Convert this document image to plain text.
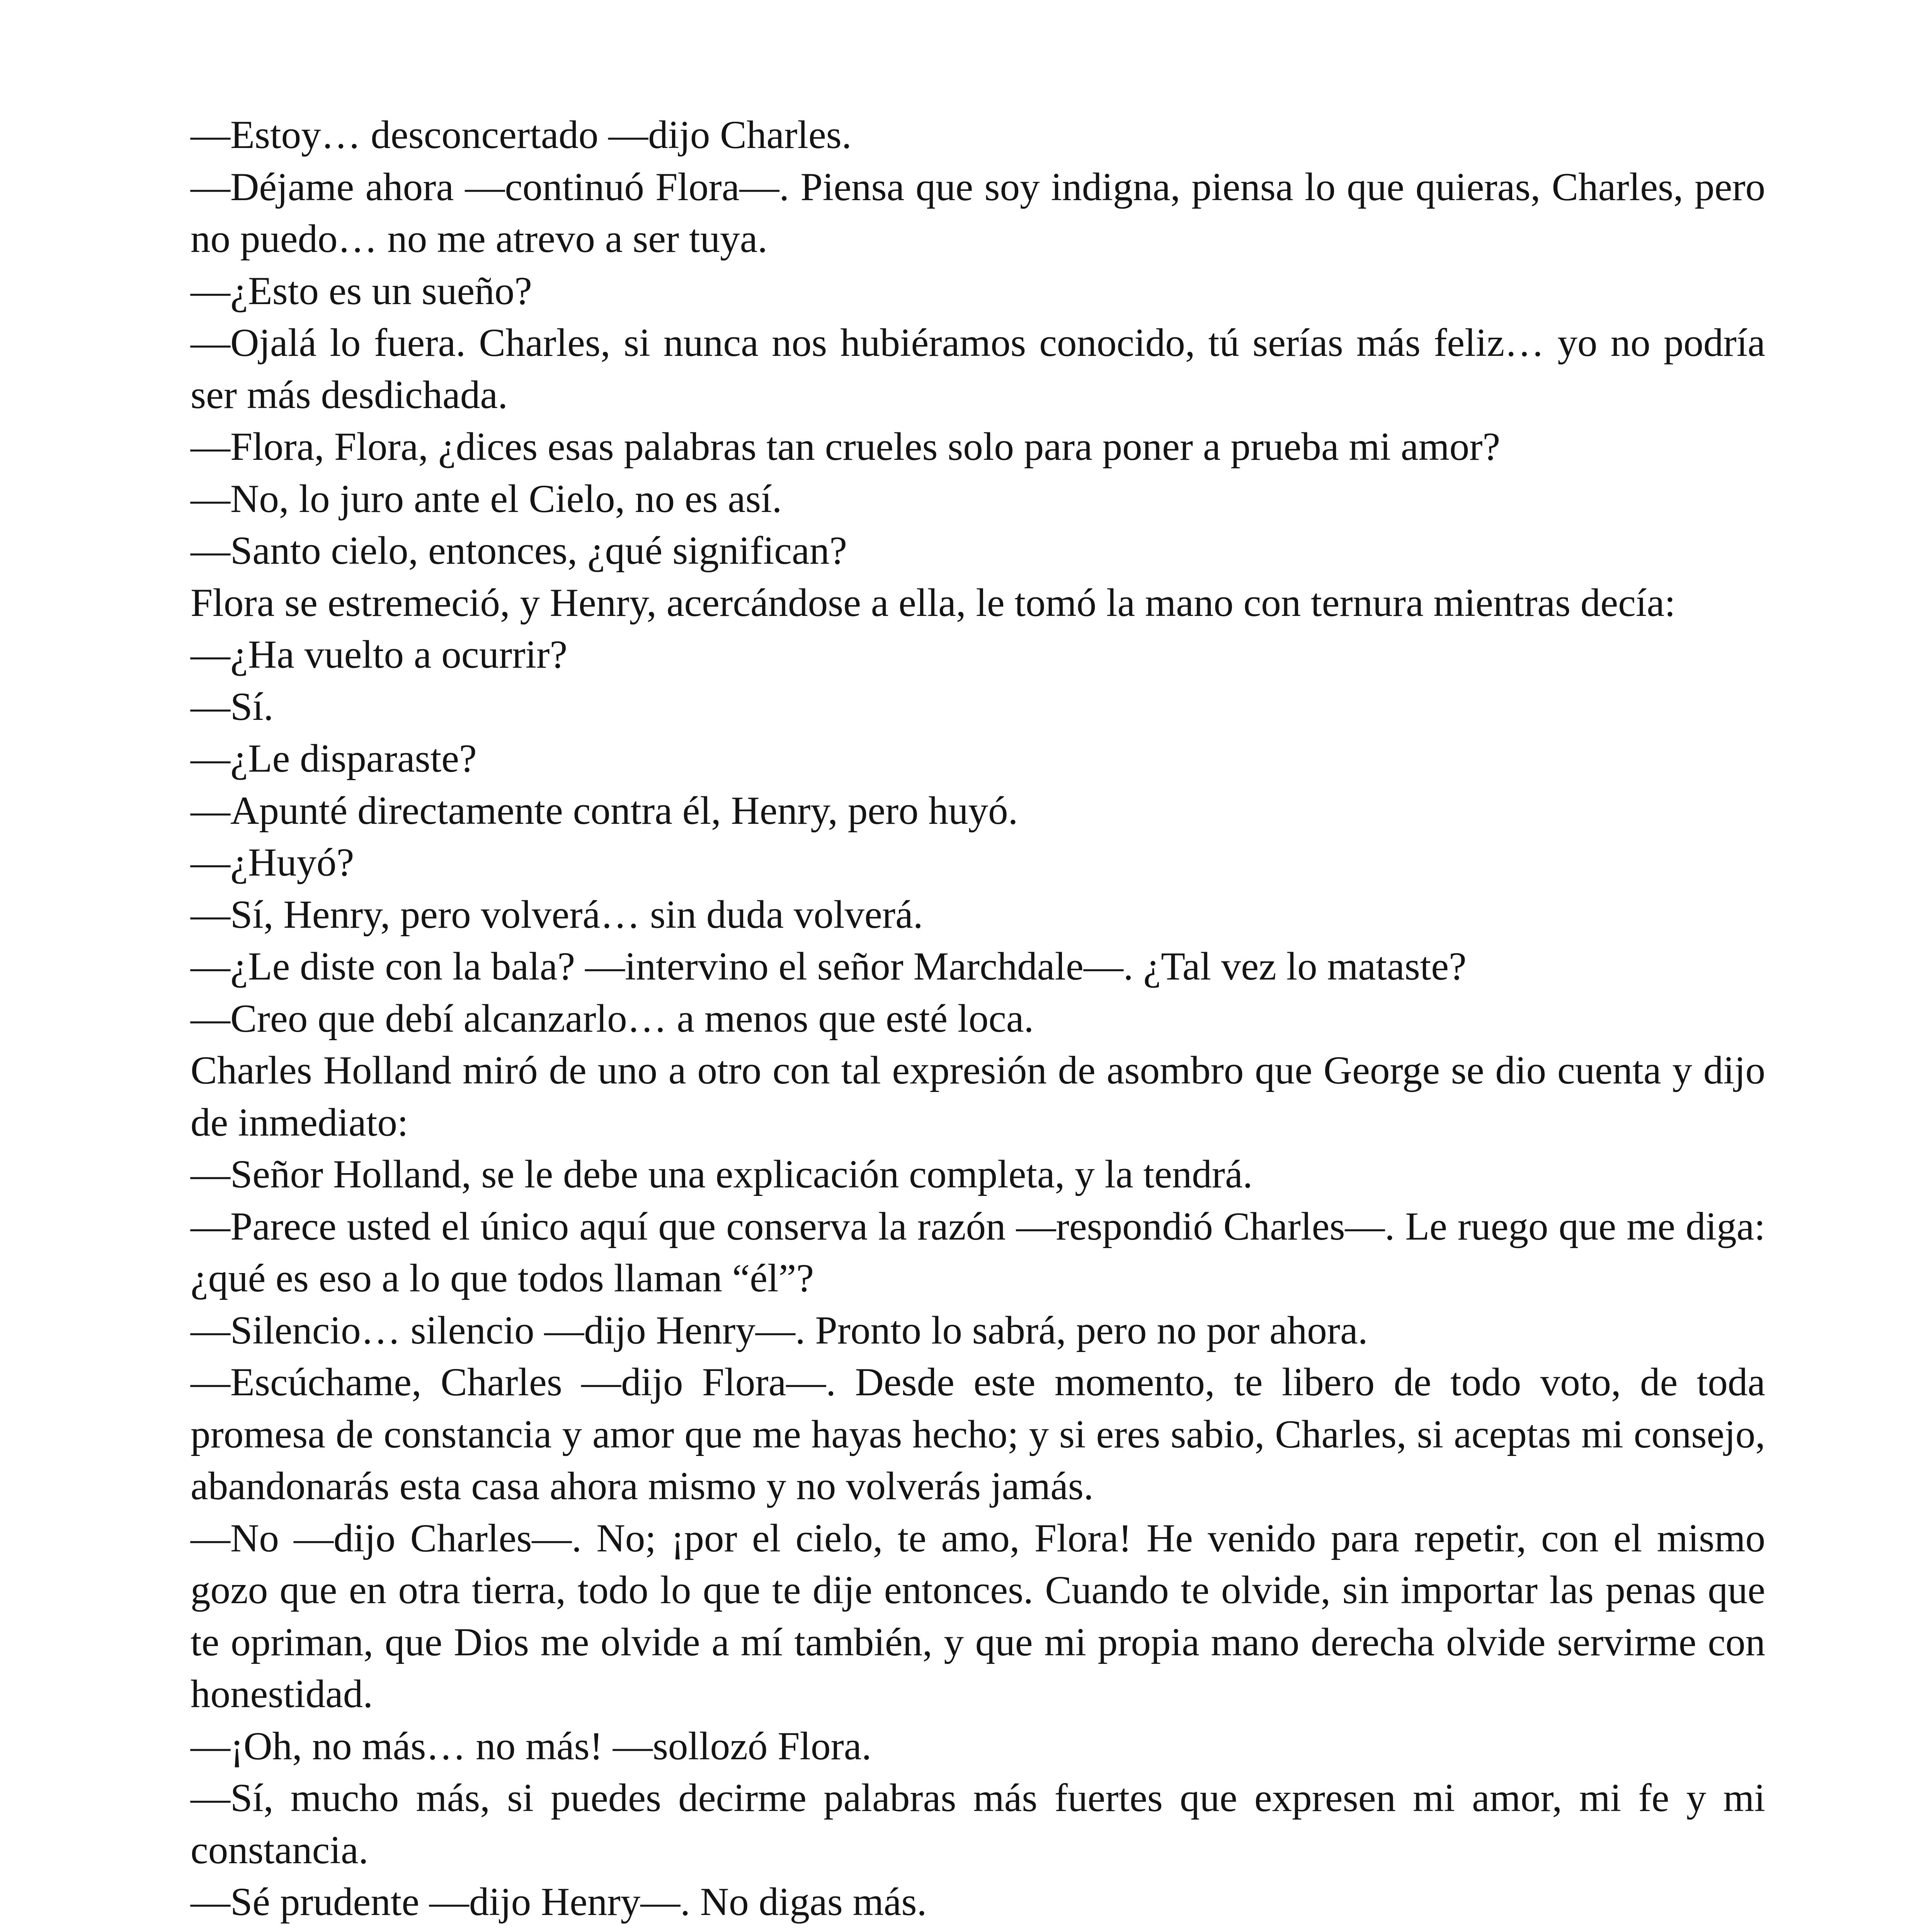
—Estoy… desconcertado —dijo Charles.

—Déjame ahora —continuó Flora—. Piensa que soy indigna, piensa lo que quieras, Charles, pero no puedo… no me atrevo a ser tuya.

—¿Esto es un sueño?

—Ojalá lo fuera. Charles, si nunca nos hubiéramos conocido, tú serías más feliz… yo no podría ser más desdichada.

—Flora, Flora, ¿dices esas palabras tan crueles solo para poner a prueba mi amor?

—No, lo juro ante el Cielo, no es así.

—Santo cielo, entonces, ¿qué significan?

Flora se estremeció, y Henry, acercándose a ella, le tomó la mano con ternura mientras decía:

—¿Ha vuelto a ocurrir?

—Sí.

—¿Le disparaste?

—Apunté directamente contra él, Henry, pero huyó.

—¿Huyó?

—Sí, Henry, pero volverá… sin duda volverá.

—¿Le diste con la bala? —intervino el señor Marchdale—. ¿Tal vez lo mataste?

—Creo que debí alcanzarlo… a menos que esté loca.

Charles Holland miró de uno a otro con tal expresión de asombro que George se dio cuenta y dijo de inmediato:

—Señor Holland, se le debe una explicación completa, y la tendrá.

—Parece usted el único aquí que conserva la razón —respondió Charles—. Le ruego que me diga: ¿qué es eso a lo que todos llaman “él”?

—Silencio… silencio —dijo Henry—. Pronto lo sabrá, pero no por ahora.

—Escúchame, Charles —dijo Flora—. Desde este momento, te libero de todo voto, de toda promesa de constancia y amor que me hayas hecho; y si eres sabio, Charles, si aceptas mi consejo, abandonarás esta casa ahora mismo y no volverás jamás.

—No —dijo Charles—. No; ¡por el cielo, te amo, Flora! He venido para repetir, con el mismo gozo que en otra tierra, todo lo que te dije entonces. Cuando te olvide, sin importar las penas que te opriman, que Dios me olvide a mí también, y que mi propia mano derecha olvide servirme con honestidad.

—¡Oh, no más… no más! —sollozó Flora.

—Sí, mucho más, si puedes decirme palabras más fuertes que expresen mi amor, mi fe y mi constancia.

—Sé prudente —dijo Henry—. No digas más.
